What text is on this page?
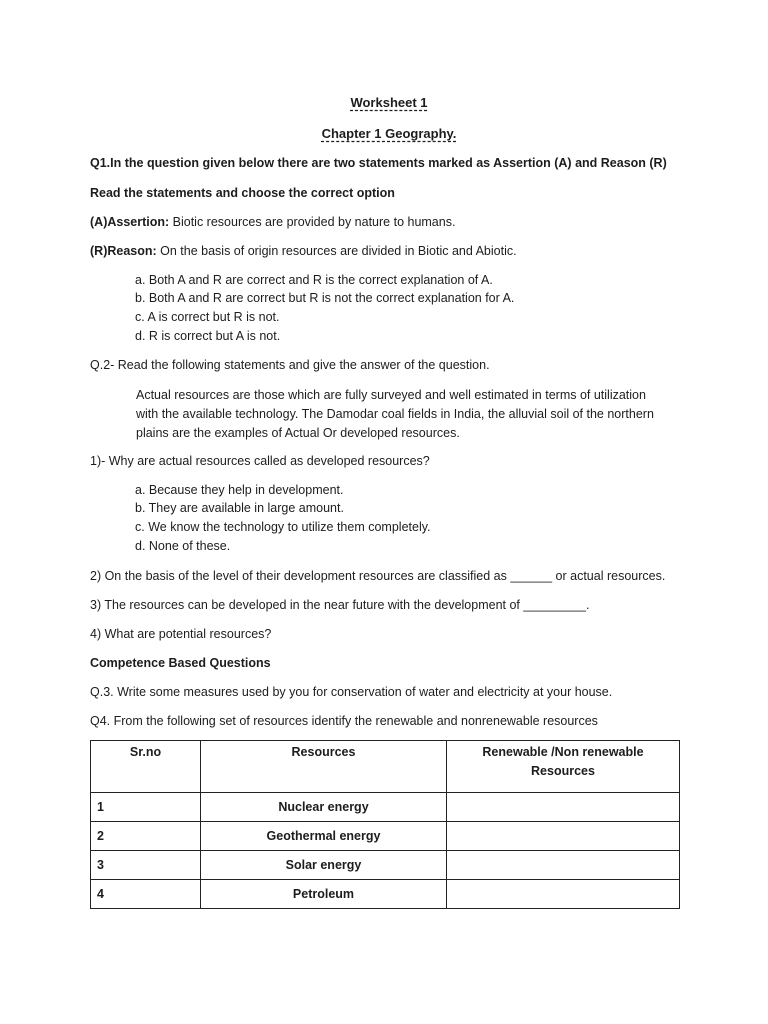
Worksheet 1
Chapter 1 Geography.
Q1.In the question given below there are two statements marked as Assertion (A) and Reason (R)
Read the statements and choose the correct option
(A)Assertion: Biotic resources are provided by nature to humans.
(R)Reason: On the basis of origin resources are divided in Biotic and Abiotic.
a. Both A and R are correct and R is the correct explanation of A.
b. Both A and R are correct but R is not the correct explanation for A.
c. A is correct but R is not.
d. R is correct but A is not.
Q.2- Read the following statements and give the answer of the question.
Actual resources are those which are fully surveyed and well estimated in terms of utilization
with the available technology. The Damodar coal fields in India, the alluvial soil of the northern
plains are the examples of Actual Or developed resources.
1)- Why are actual resources called as developed resources?
a. Because they help in development.
b. They are available in large amount.
c. We know the technology to utilize them completely.
d. None of these.
2) On the basis of the level of their development resources are classified as ______ or actual resources.
3) The resources can be developed in the near future with the development of _________.
4) What are potential resources?
Competence Based Questions
Q.3. Write some measures used by you for conservation of water and electricity at your house.
Q4. From the following set of resources identify the renewable and nonrenewable resources
Sr.no	Resources	Renewable /Non renewable
Resources

1	Nuclear energy	
2	Geothermal energy	
3	Solar energy	
4	Petroleum	
